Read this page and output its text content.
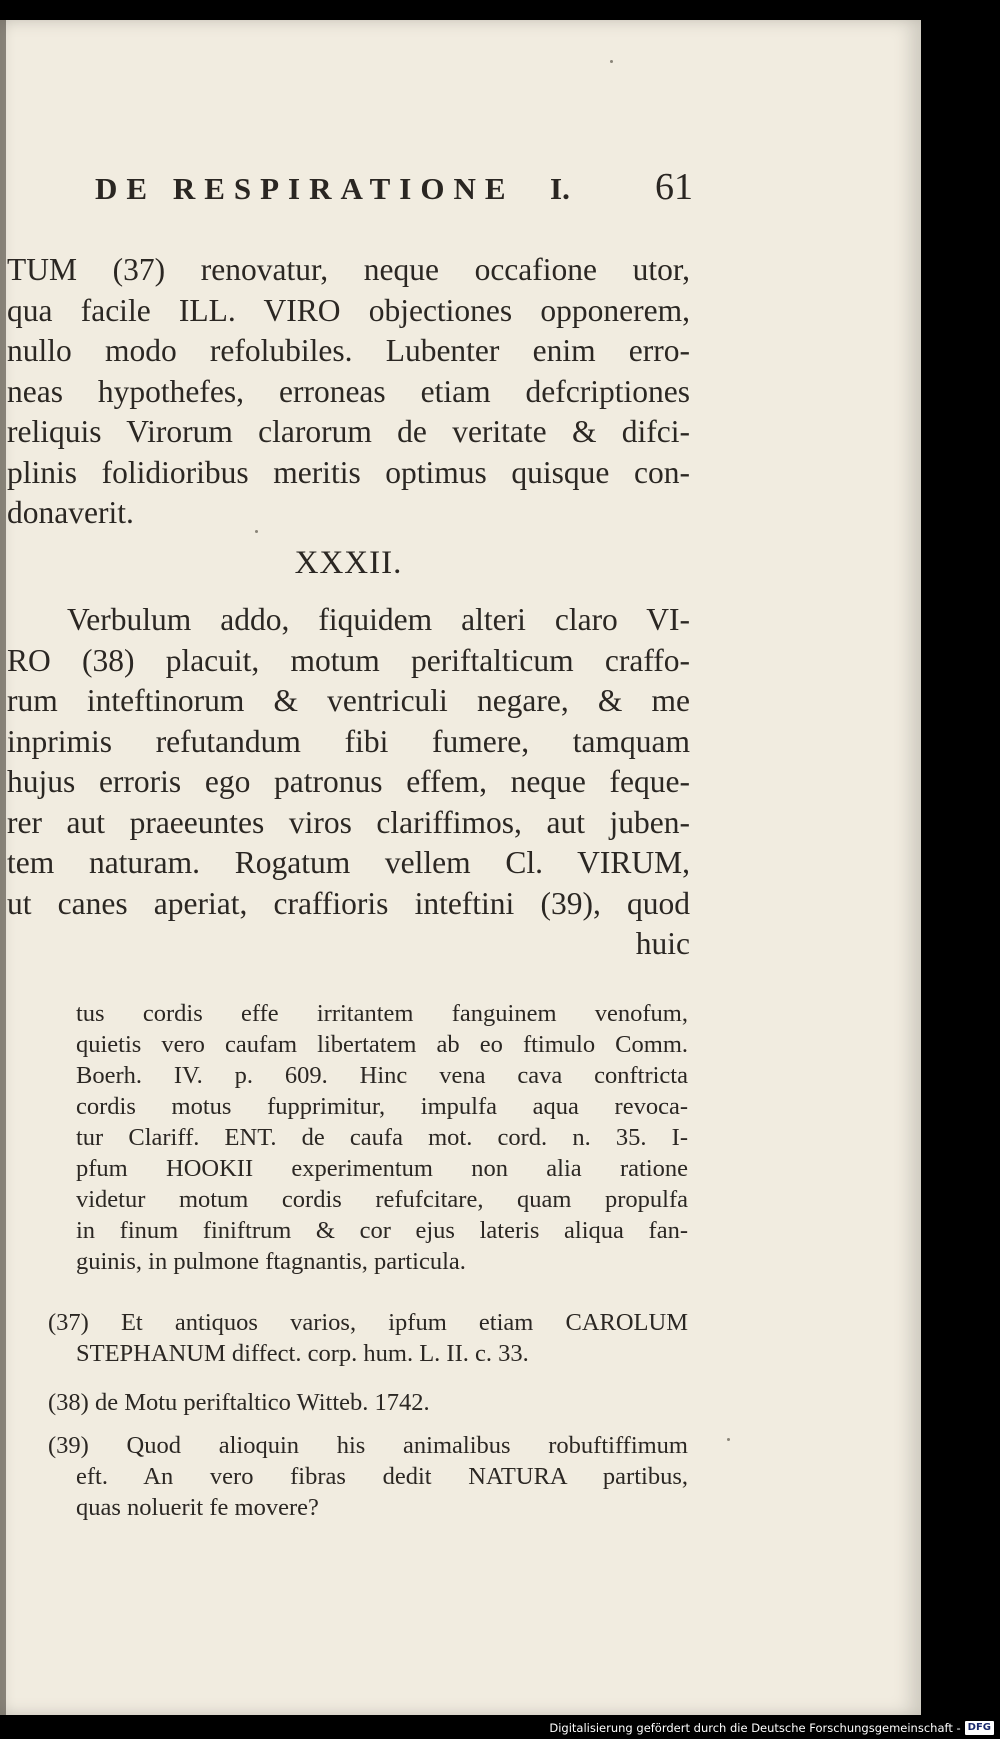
DE RESPIRATIONE I. 61
TUM (37) renovatur, neque occafione utor,
qua facile ILL. VIRO objectiones opponerem,
nullo modo refolubiles. Lubenter enim erro-
neas hypothefes, erroneas etiam defcriptiones
reliquis Virorum clarorum de veritate & difci-
plinis folidioribus meritis optimus quisque con-
donaverit.
XXXII.
Verbulum addo, fiquidem alteri claro VI-
RO (38) placuit, motum periftalticum craffo-
rum inteftinorum & ventriculi negare, & me
inprimis refutandum fibi fumere, tamquam
hujus erroris ego patronus effem, neque feque-
rer aut praeeuntes viros clariffimos, aut juben-
tem naturam. Rogatum vellem Cl. VIRUM,
ut canes aperiat, craffioris inteftini (39), quod
huic
tus cordis effe irritantem fanguinem venofum,
quietis vero caufam libertatem ab eo ftimulo Comm.
Boerh. IV. p. 609. Hinc vena cava conftricta
cordis motus fupprimitur, impulfa aqua revoca-
tur Clariff. ENT. de caufa mot. cord. n. 35. I-
pfum HOOKII experimentum non alia ratione
videtur motum cordis refufcitare, quam propulfa
in finum finiftrum & cor ejus lateris aliqua fan-
guinis, in pulmone ftagnantis, particula.
(37) Et antiquos varios, ipfum etiam CAROLUM
STEPHANUM diffect. corp. hum. L. II. c. 33.
(38) de Motu periftaltico Witteb. 1742.
(39) Quod alioquin his animalibus robuftiffimum
eft. An vero fibras dedit NATURA partibus,
quas noluerit fe movere?
Digitalisierung gefördert durch die Deutsche Forschungsgemeinschaft - DFG
